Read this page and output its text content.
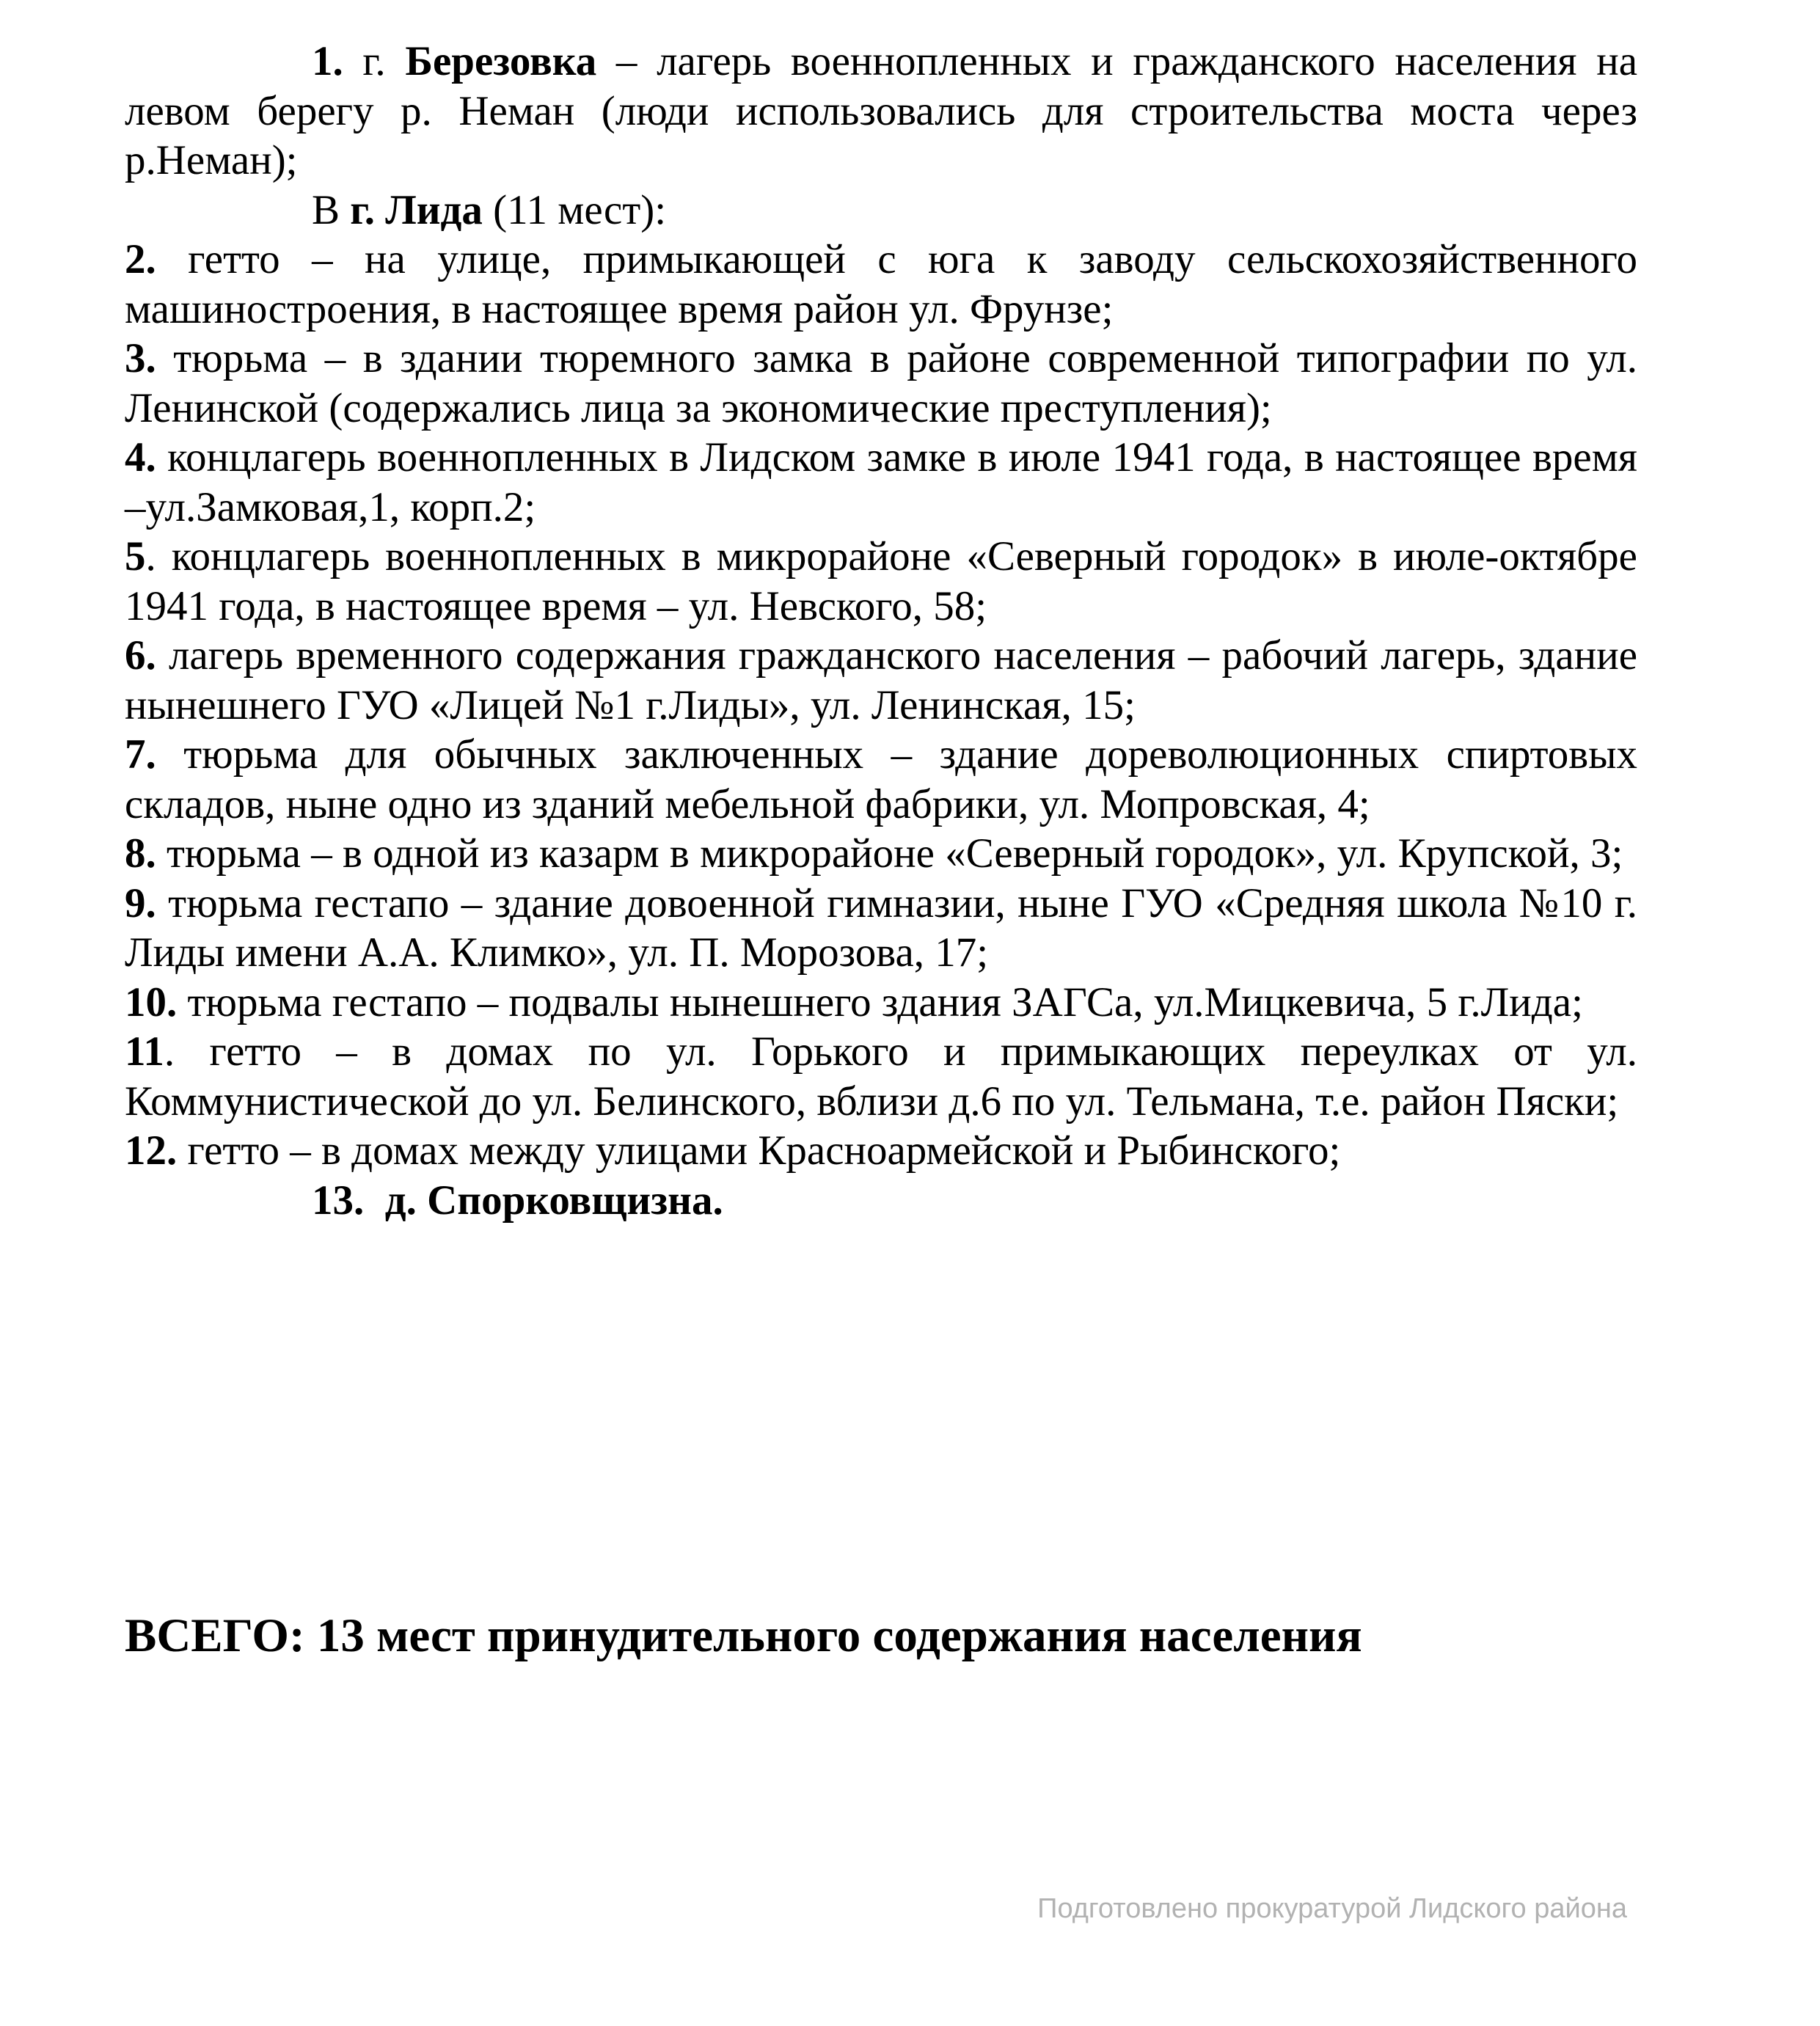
1. г. Березовка – лагерь военнопленных и гражданского населения на левом берегу р. Неман (люди использовались для строительства моста через р.Неман);

В г. Лида (11 мест):

2. гетто – на улице, примыкающей с юга к заводу сельскохозяйственного машиностроения, в настоящее время район ул. Фрунзе;

3. тюрьма – в здании тюремного замка в районе современной типографии по ул. Ленинской (содержались лица за экономические преступления);

4. концлагерь военнопленных в Лидском замке в июле 1941 года, в настоящее время –ул.Замковая,1, корп.2;

5. концлагерь военнопленных в микрорайоне «Северный городок» в июле-октябре 1941 года, в настоящее время – ул. Невского, 58;

6. лагерь временного содержания гражданского населения – рабочий лагерь, здание нынешнего ГУО «Лицей №1 г.Лиды», ул. Ленинская, 15;

7. тюрьма для обычных заключенных – здание дореволюционных спиртовых складов, ныне одно из зданий мебельной фабрики, ул. Мопровская, 4;

8. тюрьма – в одной из казарм в микрорайоне «Северный городок», ул. Крупской, 3;

9. тюрьма гестапо – здание довоенной гимназии, ныне ГУО «Средняя школа №10 г. Лиды имени А.А. Климко», ул. П. Морозова, 17;

10. тюрьма гестапо – подвалы нынешнего здания ЗАГСа, ул.Мицкевича, 5 г.Лида;

11. гетто – в домах по ул. Горького и примыкающих переулках от ул. Коммунистической до ул. Белинского, вблизи д.6 по ул. Тельмана, т.е. район Пяски;

12. гетто – в домах между улицами Красноармейской и Рыбинского;

13.  д. Спорковщизна.

ВСЕГО: 13 мест принудительного содержания населения
Подготовлено прокуратурой Лидского района
